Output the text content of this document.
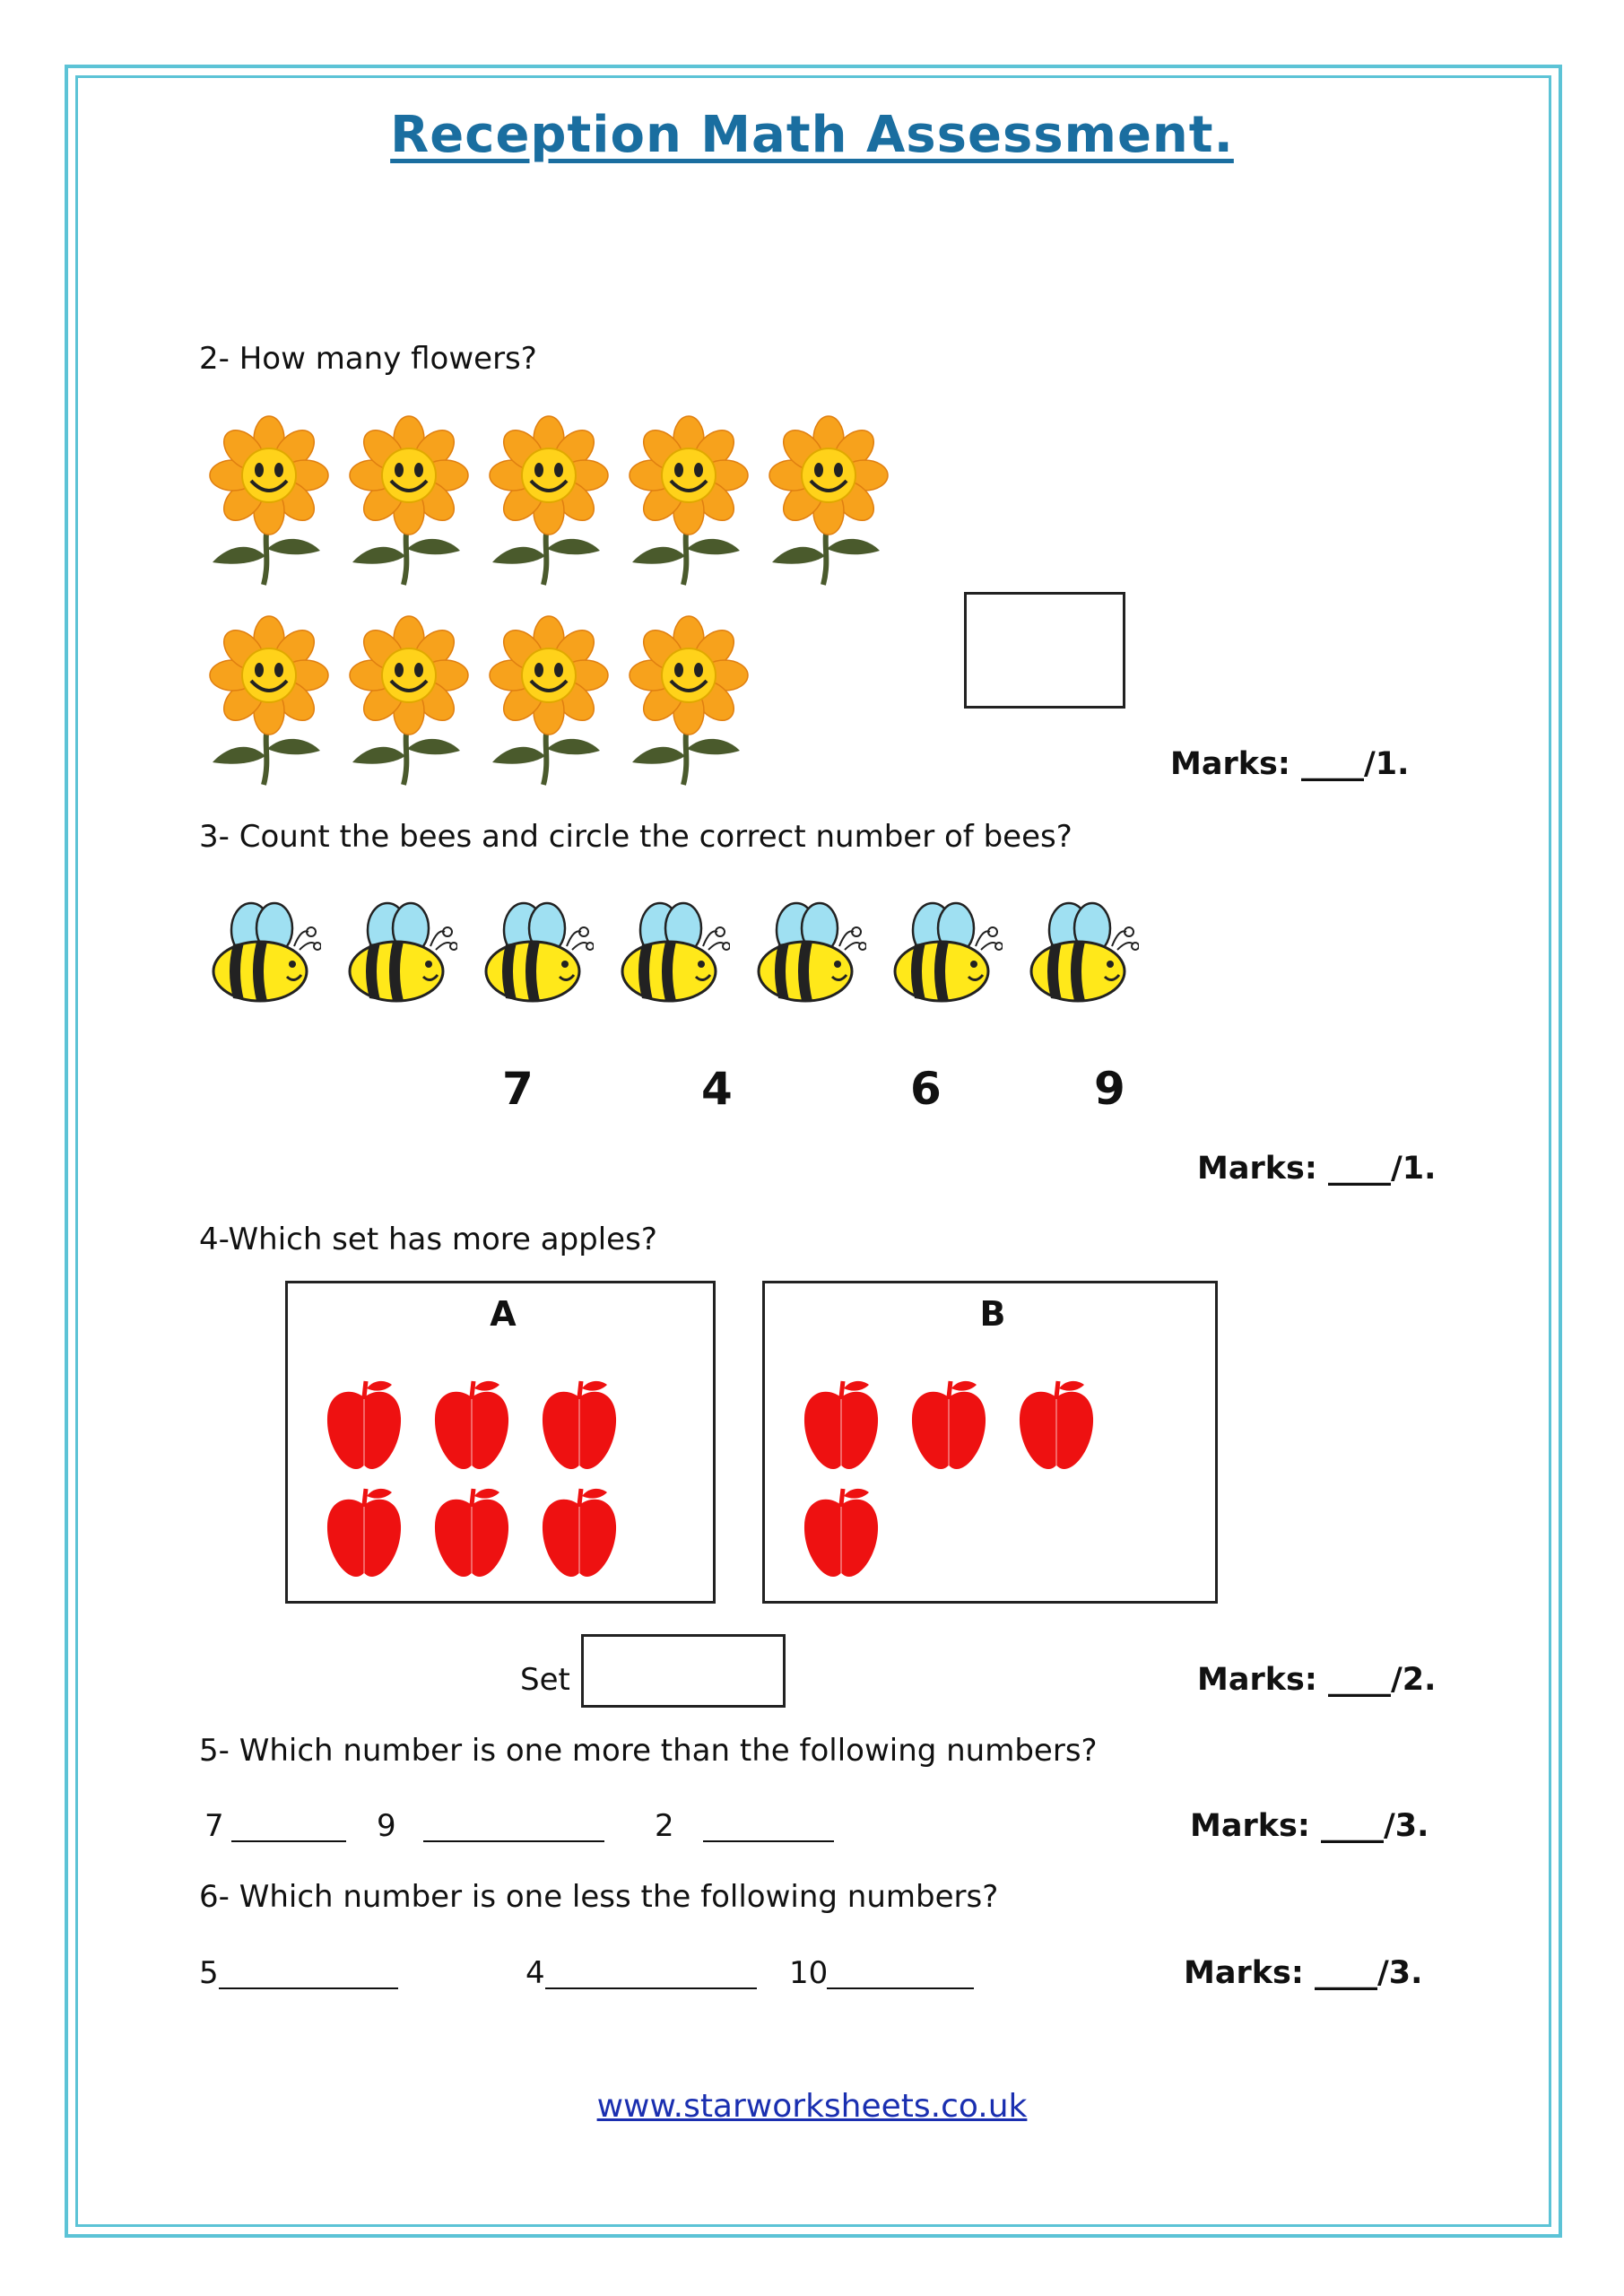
Reception Math Assessment.
2- How many flowers?
Marks: ____/1.
3- Count the bees and circle the correct number of bees?
7	4	6	9
Marks: ____/1.
4-Which set has more apples?
A	B
Set	Marks: ____/2.
5- Which number is one more than the following numbers?
7	9	2	Marks: ____/3.
6- Which number is one less the following numbers?
5	4	10	Marks: ____/3.
www.starworksheets.co.uk
